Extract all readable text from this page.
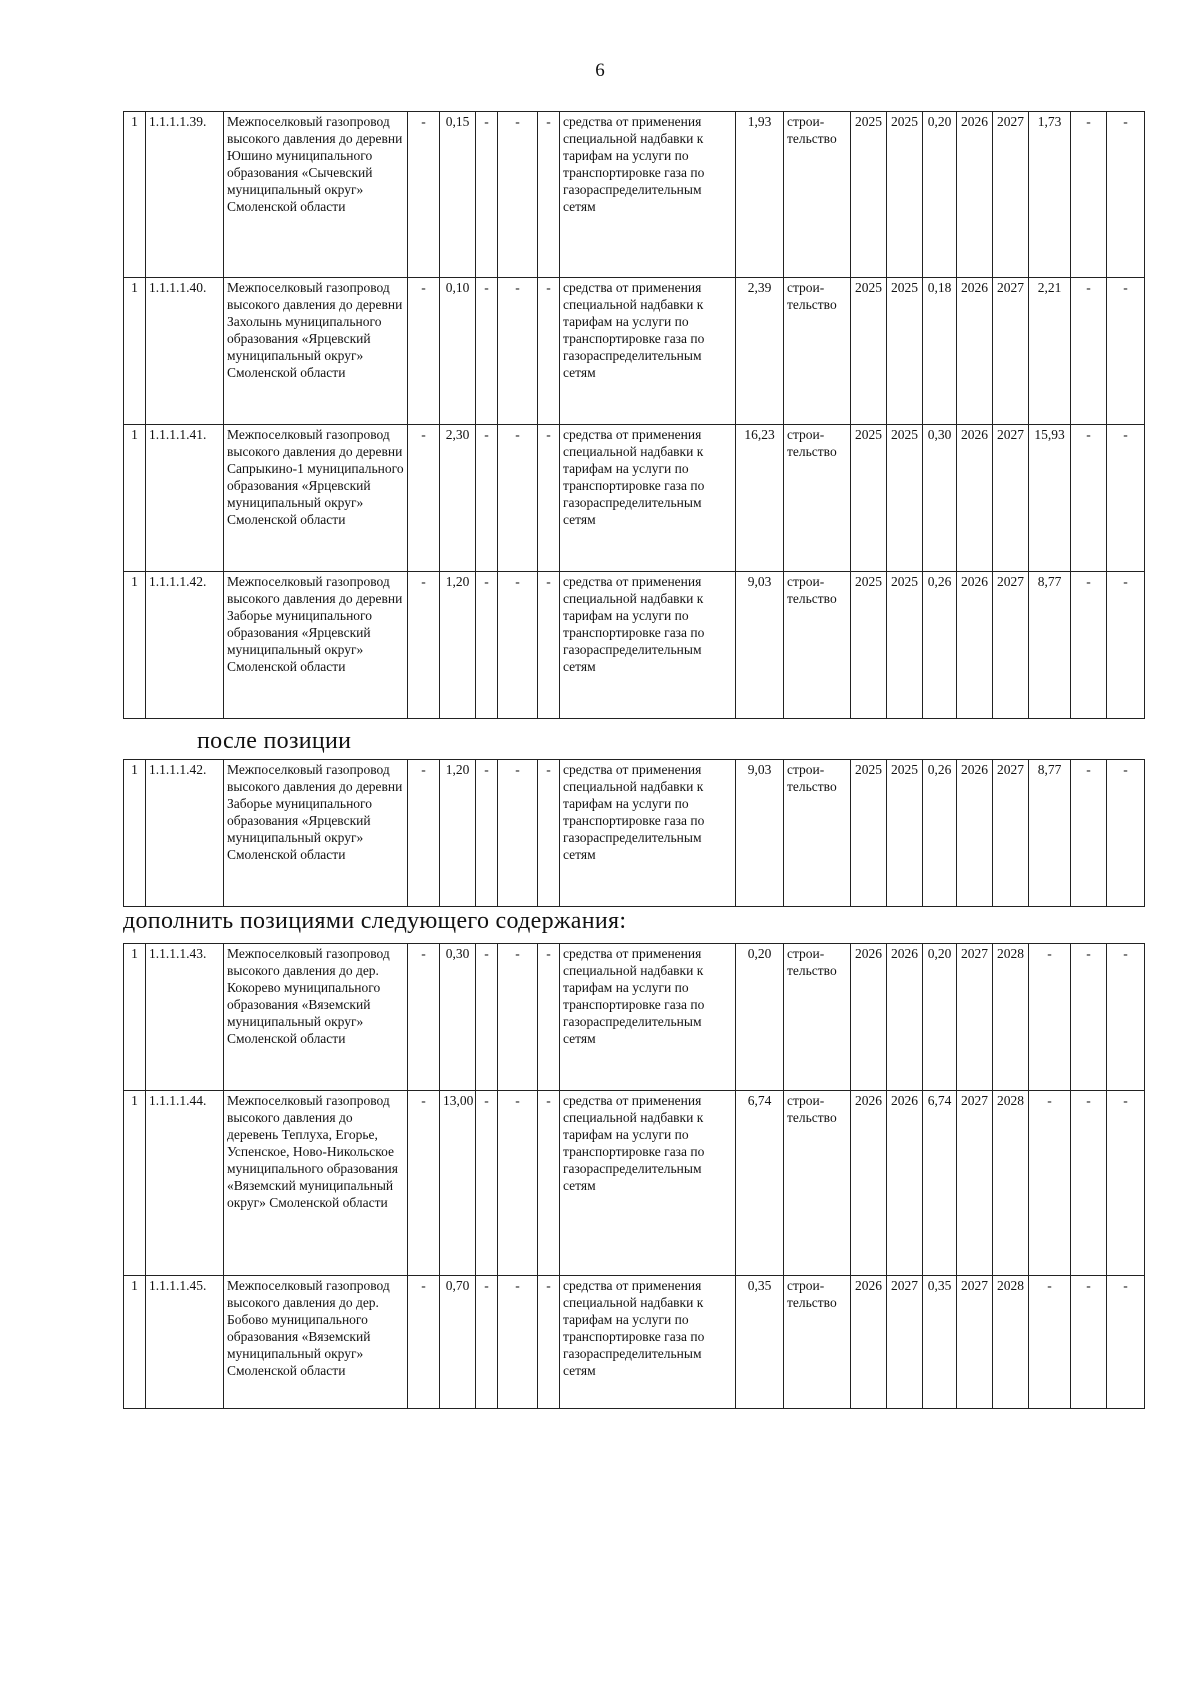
6
1	1.1.1.1.39.	Межпоселковый газопровод высокого давления до деревни Юшино муниципального образования «Сычевский муниципальный округ» Смоленской области	-	0,15	-	-	-	средства от применения специальной надбавки к тарифам на услуги по транспортировке газа по газораспределительным сетям	1,93	строи-тельство	2025	2025	0,20	2026	2027	1,73	-	-
1	1.1.1.1.40.	Межпоселковый газопровод высокого давления до деревни Захолынь муниципального образования «Ярцевский муниципальный округ» Смоленской области	-	0,10	-	-	-	средства от применения специальной надбавки к тарифам на услуги по транспортировке газа по газораспределительным сетям	2,39	строи-тельство	2025	2025	0,18	2026	2027	2,21	-	-
1	1.1.1.1.41.	Межпоселковый газопровод высокого давления до деревни Сапрыкино-1 муниципального образования «Ярцевский муниципальный округ» Смоленской области	-	2,30	-	-	-	средства от применения специальной надбавки к тарифам на услуги по транспортировке газа по газораспределительным сетям	16,23	строи-тельство	2025	2025	0,30	2026	2027	15,93	-	-
1	1.1.1.1.42.	Межпоселковый газопровод высокого давления до деревни Заборье муниципального образования «Ярцевский муниципальный округ» Смоленской области	-	1,20	-	-	-	средства от применения специальной надбавки к тарифам на услуги по транспортировке газа по газораспределительным сетям	9,03	строи-тельство	2025	2025	0,26	2026	2027	8,77	-	-
после позиции
1	1.1.1.1.42.	Межпоселковый газопровод высокого давления до деревни Заборье муниципального образования «Ярцевский муниципальный округ» Смоленской области	-	1,20	-	-	-	средства от применения специальной надбавки к тарифам на услуги по транспортировке газа по газораспределительным сетям	9,03	строи-тельство	2025	2025	0,26	2026	2027	8,77	-	-
дополнить позициями следующего содержания:
1	1.1.1.1.43.	Межпоселковый газопровод высокого давления до дер. Кокорево муниципального образования «Вяземский муниципальный округ» Смоленской области	-	0,30	-	-	-	средства от применения специальной надбавки к тарифам на услуги по транспортировке газа по газораспределительным сетям	0,20	строи-тельство	2026	2026	0,20	2027	2028	-	-	-
1	1.1.1.1.44.	Межпоселковый газопровод высокого давления до деревень Теплуха, Егорье, Успенское, Ново-Никольское муниципального образования «Вяземский муниципальный округ» Смоленской области	-	13,00	-	-	-	средства от применения специальной надбавки к тарифам на услуги по транспортировке газа по газораспределительным сетям	6,74	строи-тельство	2026	2026	6,74	2027	2028	-	-	-
1	1.1.1.1.45.	Межпоселковый газопровод высокого давления до дер. Бобово муниципального образования «Вяземский муниципальный округ» Смоленской области	-	0,70	-	-	-	средства от применения специальной надбавки к тарифам на услуги по транспортировке газа по газораспределительным сетям	0,35	строи-тельство	2026	2027	0,35	2027	2028	-	-	-
